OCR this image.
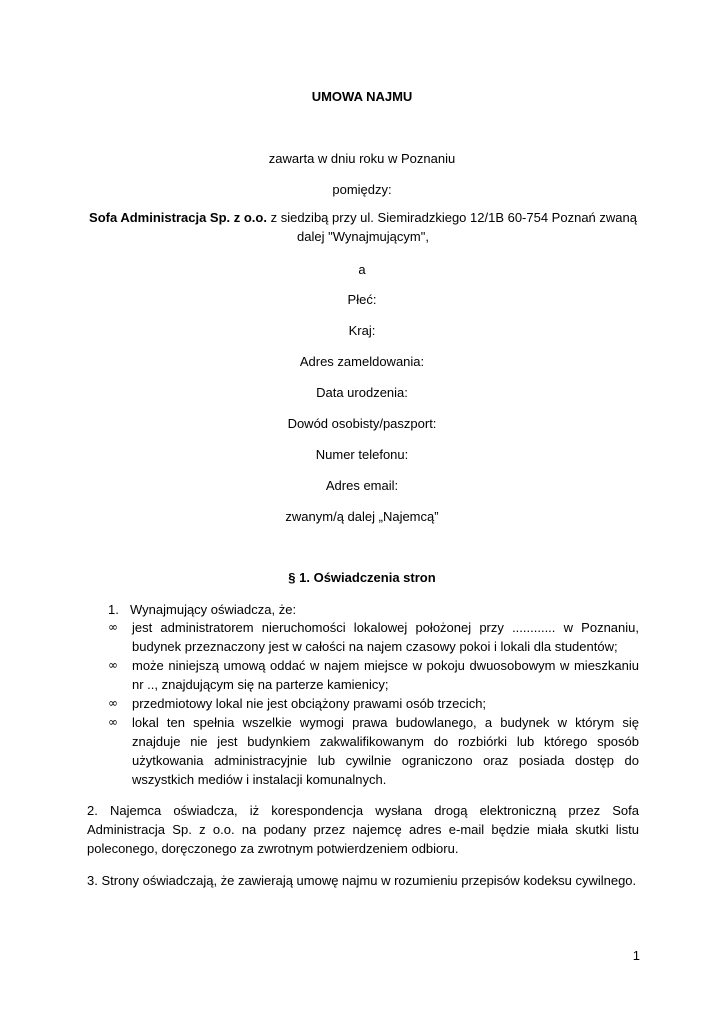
UMOWA NAJMU
zawarta w dniu roku w Poznaniu
pomiędzy:
Sofa Administracja Sp. z o.o. z siedzibą przy ul. Siemiradzkiego 12/1B 60-754 Poznań zwaną dalej "Wynajmującym",
a
Płeć:
Kraj:
Adres zameldowania:
Data urodzenia:
Dowód osobisty/paszport:
Numer telefonu:
Adres email:
zwanym/ą dalej „Najemcą”
§ 1. Oświadczenia stron
1. Wynajmujący oświadcza, że:
∞	jest administratorem nieruchomości lokalowej położonej przy ............ w Poznaniu, budynek przeznaczony jest w całości na najem czasowy pokoi i lokali dla studentów;
∞	może niniejszą umową oddać w najem miejsce w pokoju dwuosobowym w mieszkaniu nr .., znajdującym się na parterze kamienicy;
∞	przedmiotowy lokal nie jest obciążony prawami osób trzecich;
∞	lokal ten spełnia wszelkie wymogi prawa budowlanego, a budynek w którym się znajduje nie jest budynkiem zakwalifikowanym do rozbiórki lub którego sposób użytkowania administracyjnie lub cywilnie ograniczono oraz posiada dostęp do wszystkich mediów i instalacji komunalnych.
2. Najemca oświadcza, iż korespondencja wysłana drogą elektroniczną przez Sofa Administracja Sp. z o.o. na podany przez najemcę adres e-mail będzie miała skutki listu poleconego, doręczonego za zwrotnym potwierdzeniem odbioru.
3. Strony oświadczają, że zawierają umowę najmu w rozumieniu przepisów kodeksu cywilnego.
1
